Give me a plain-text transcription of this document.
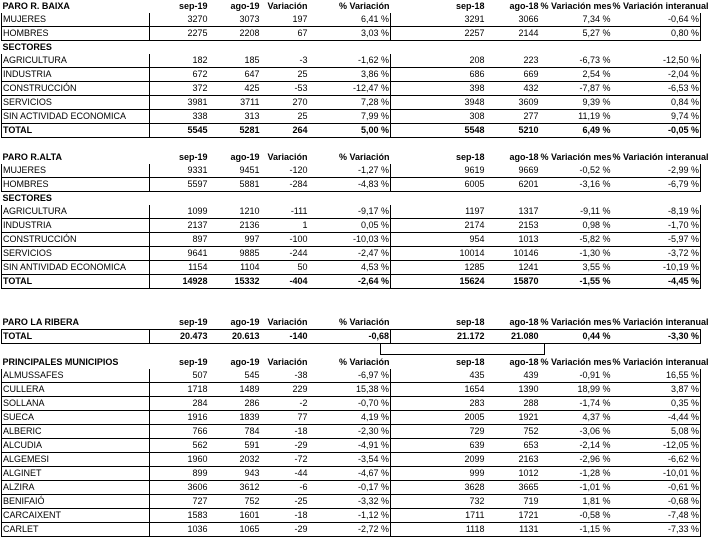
PARO R. BAIXA	sep-19	ago-19	Variación	% Variación	sep-18	ago-18	% Variación mes	% Variación interanual
MUJERES	3270	3073	197	6,41 %	3291	3066	7,34 %	-0,64 %
HOMBRES	2275	2208	67	3,03 %	2257	2144	5,27 %	0,80 %
SECTORES								
AGRICULTURA	182	185	-3	-1,62 %	208	223	-6,73 %	-12,50 %
INDUSTRIA	672	647	25	3,86 %	686	669	2,54 %	-2,04 %
CONSTRUCCIÓN	372	425	-53	-12,47 %	398	432	-7,87 %	-6,53 %
SERVICIOS	3981	3711	270	7,28 %	3948	3609	9,39 %	0,84 %
SIN ACTIVIDAD ECONOMICA	338	313	25	7,99 %	308	277	11,19 %	9,74 %
TOTAL	5545	5281	264	5,00 %	5548	5210	6,49 %	-0,05 %
PARO R.ALTA	sep-19	ago-19	Variación	% Variación	sep-18	ago-18	% Variación mes	% Variación interanual
MUJERES	9331	9451	-120	-1,27 %	9619	9669	-0,52 %	-2,99 %
HOMBRES	5597	5881	-284	-4,83 %	6005	6201	-3,16 %	-6,79 %
SECTORES								
AGRICULTURA	1099	1210	-111	-9,17 %	1197	1317	-9,11 %	-8,19 %
INDUSTRIA	2137	2136	1	0,05 %	2174	2153	0,98 %	-1,70 %
CONSTRUCCIÓN	897	997	-100	-10,03 %	954	1013	-5,82 %	-5,97 %
SERVICIOS	9641	9885	-244	-2,47 %	10014	10146	-1,30 %	-3,72 %
SIN ANTIVIDAD ECONOMICA	1154	1104	50	4,53 %	1285	1241	3,55 %	-10,19 %
TOTAL	14928	15332	-404	-2,64 %	15624	15870	-1,55 %	-4,45 %
PARO LA RIBERA	sep-19	ago-19	Variación	% Variación	sep-18	ago-18	% Variación mes	% Variación interanual
TOTAL	20.473	20.613	-140	-0,68	21.172	21.080	0,44 %	-3,30 %
PRINCIPALES MUNICIPIOS	sep-19	ago-19	Variación	% Variación	sep-18	ago-18	% Variación mes	% Variación interanual
ALMUSSAFES	507	545	-38	-6,97 %	435	439	-0,91 %	16,55 %
CULLERA	1718	1489	229	15,38 %	1654	1390	18,99 %	3,87 %
SOLLANA	284	286	-2	-0,70 %	283	288	-1,74 %	0,35 %
SUECA	1916	1839	77	4,19 %	2005	1921	4,37 %	-4,44 %
ALBERIC	766	784	-18	-2,30 %	729	752	-3,06 %	5,08 %
ALCUDIA	562	591	-29	-4,91 %	639	653	-2,14 %	-12,05 %
ALGEMESI	1960	2032	-72	-3,54 %	2099	2163	-2,96 %	-6,62 %
ALGINET	899	943	-44	-4,67 %	999	1012	-1,28 %	-10,01 %
ALZIRA	3606	3612	-6	-0,17 %	3628	3665	-1,01 %	-0,61 %
BENIFAIÓ	727	752	-25	-3,32 %	732	719	1,81 %	-0,68 %
CARCAIXENT	1583	1601	-18	-1,12 %	1711	1721	-0,58 %	-7,48 %
CARLET	1036	1065	-29	-2,72 %	1118	1131	-1,15 %	-7,33 %
